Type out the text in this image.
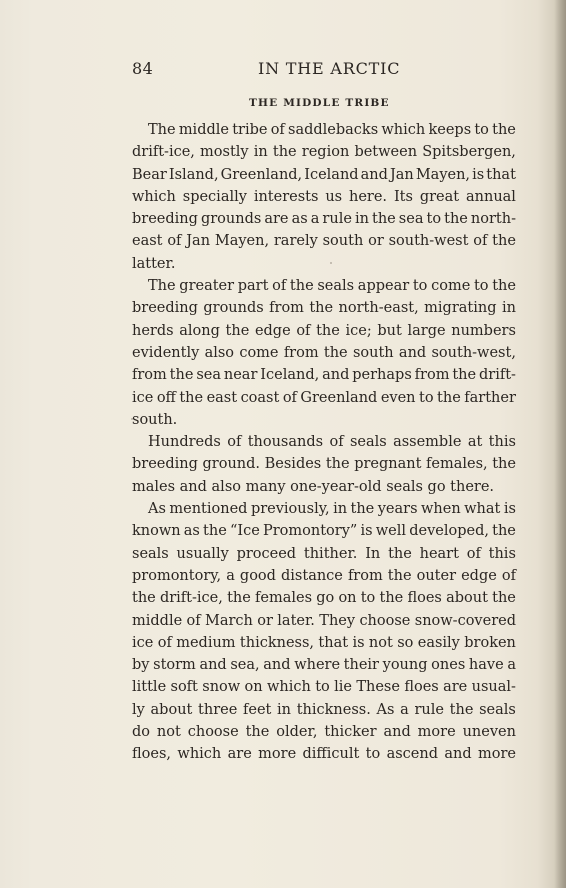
84	IN THE ARCTIC
THE MIDDLE TRIBE
The middle tribe of saddlebacks which keeps to the
drift-ice, mostly in the region between Spitsbergen,
Bear Island, Greenland, Iceland and Jan Mayen, is that
which specially interests us here. Its great annual
breeding grounds are as a rule in the sea to the north-
east of Jan Mayen, rarely south or south-west of the
latter.
The greater part of the seals appear to come to the
breeding grounds from the north-east, migrating in
herds along the edge of the ice; but large numbers
evidently also come from the south and south-west,
from the sea near Iceland, and perhaps from the drift-
ice off the east coast of Greenland even to the farther
south.
Hundreds of thousands of seals assemble at this
breeding ground. Besides the pregnant females, the
males and also many one-year-old seals go there.
As mentioned previously, in the years when what is
known as the “Ice Promontory” is well developed, the
seals usually proceed thither. In the heart of this
promontory, a good distance from the outer edge of
the drift-ice, the females go on to the floes about the
middle of March or later. They choose snow-covered
ice of medium thickness, that is not so easily broken
by storm and sea, and where their young ones have a
little soft snow on which to lie These floes are usual-
ly about three feet in thickness. As a rule the seals
do not choose the older, thicker and more uneven
floes, which are more difficult to ascend and more
